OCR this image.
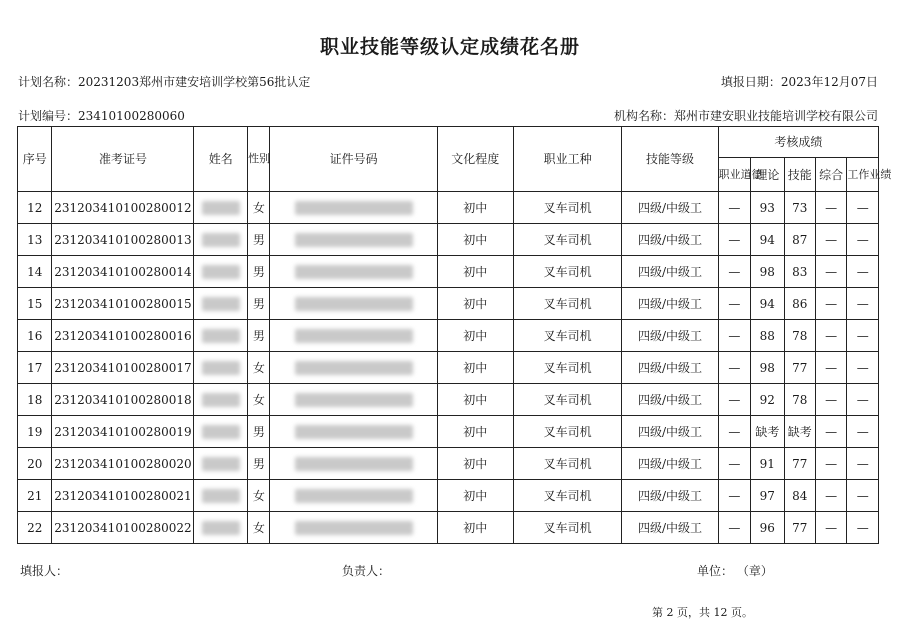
职业技能等级认定成绩花名册
计划名称：20231203郑州市建安培训学校第56批认定	填报日期：2023年12月07日
计划编号：23410100280060	机构名称：郑州市建安职业技能培训学校有限公司
序号	准考证号	姓名	性别	证件号码	文化程度	职业工种	技能等级	考核成绩				
								职业道德	理论	技能	综合	工作业绩
12	231203410100280012		女		初中	叉车司机	四级/中级工	—	93	73	—	—
13	231203410100280013		男		初中	叉车司机	四级/中级工	—	94	87	—	—
14	231203410100280014		男		初中	叉车司机	四级/中级工	—	98	83	—	—
15	231203410100280015		男		初中	叉车司机	四级/中级工	—	94	86	—	—
16	231203410100280016		男		初中	叉车司机	四级/中级工	—	88	78	—	—
17	231203410100280017		女		初中	叉车司机	四级/中级工	—	98	77	—	—
18	231203410100280018		女		初中	叉车司机	四级/中级工	—	92	78	—	—
19	231203410100280019		男		初中	叉车司机	四级/中级工	—	缺考	缺考	—	—
20	231203410100280020		男		初中	叉车司机	四级/中级工	—	91	77	—	—
21	231203410100280021		女		初中	叉车司机	四级/中级工	—	97	84	—	—
22	231203410100280022		女		初中	叉车司机	四级/中级工	—	96	77	—	—
填报人：	负责人：	单位： （章）
第 2 页，共 12 页。
